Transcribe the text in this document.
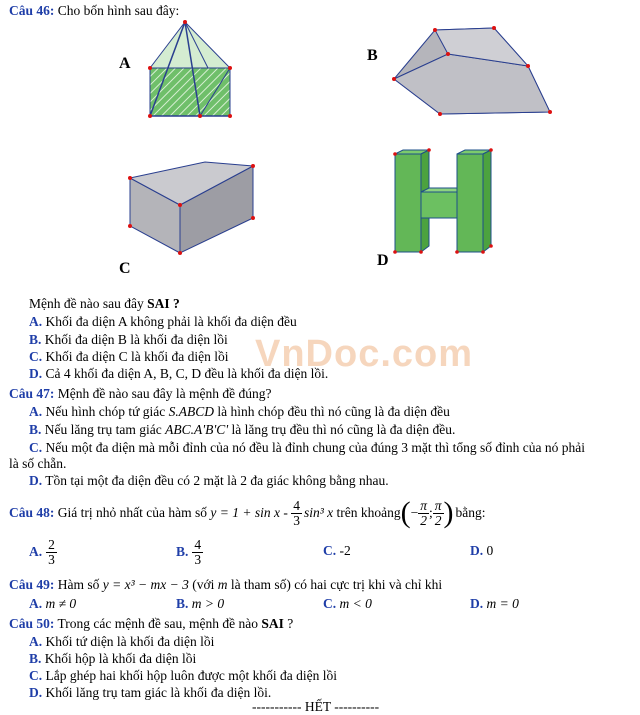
Câu 46: Cho bốn hình sau đây:
A	B
C	D
Mệnh đề nào sau đây SAI ?
A. Khối đa diện A không phải là khối đa diện đều
B. Khối đa diện B là khối đa diện lồi
C. Khối đa diện C là khối đa diện lồi
D. Cả 4 khối đa diện A, B, C, D đều là khối đa diện lồi.
VnDoc.com
Câu 47: Mệnh đề nào sau đây là mệnh đề đúng?
A. Nếu hình chóp tứ giác S.ABCD là hình chóp đều thì nó cũng là đa diện đều
B. Nếu lăng trụ tam giác ABC.A'B'C' là lăng trụ đều thì nó cũng là đa diện đều.
C. Nếu một đa diện mà mỗi đỉnh của nó đều là đỉnh chung của đúng 3 mặt thì tổng số đỉnh của nó phải
là số chẵn.
D. Tồn tại một đa diện đều có 2 mặt là 2 đa giác không bằng nhau.
Câu 48: Giá trị nhỏ nhất của hàm số $y = 1 + \sin x - \frac{4}{3} \sin^3$ x trên khoảng ( − $\frac{\pi}{2}$ ; $\frac{\pi}{2}$ ) bằng:
A. $\frac{2}{3}$	B. $\frac{4}{3}$	C. -2	D. 0
Câu 49: Hàm số y = x³ − mx − 3 (với m là tham số) có hai cực trị khi và chỉ khi
A. m ≠ 0	B. m > 0	C. m < 0	D. m = 0
Câu 50: Trong các mệnh đề sau, mệnh đề nào SAI ?
A. Khối tứ diện là khối đa diện lồi
B. Khối hộp là khối đa diện lồi
C. Lắp ghép hai khối hộp luôn được một khối đa diện lồi
D. Khối lăng trụ tam giác là khối đa diện lồi.
----------- HẾT ----------
